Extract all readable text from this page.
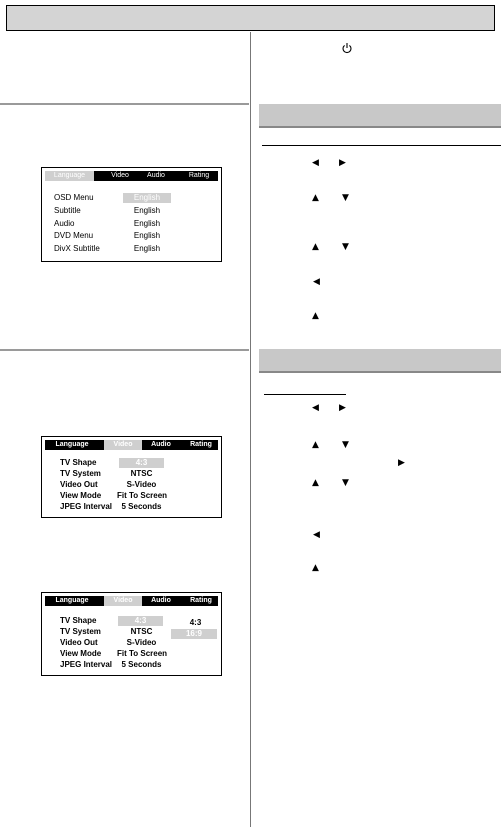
Language	Video	Audio	Rating
OSD Menu	English
Subtitle	English
Audio	English
DVD Menu	English
DivX Subtitle	English
Language	Video	Audio	Rating
TV Shape	4:3
TV System	NTSC
Video Out	S-Video
View Mode	Fit To Screen
JPEG Interval	5 Seconds
Language	Video	Audio	Rating
TV Shape	4:3
TV System	NTSC
Video Out	S-Video
View Mode	Fit To Screen
JPEG Interval	5 Seconds
4:3
16:9
◀ ▶
▲	▼
▲	▼
◀
▲
◀ ▶
▲	▼
▶
▲	▼
◀
▲
